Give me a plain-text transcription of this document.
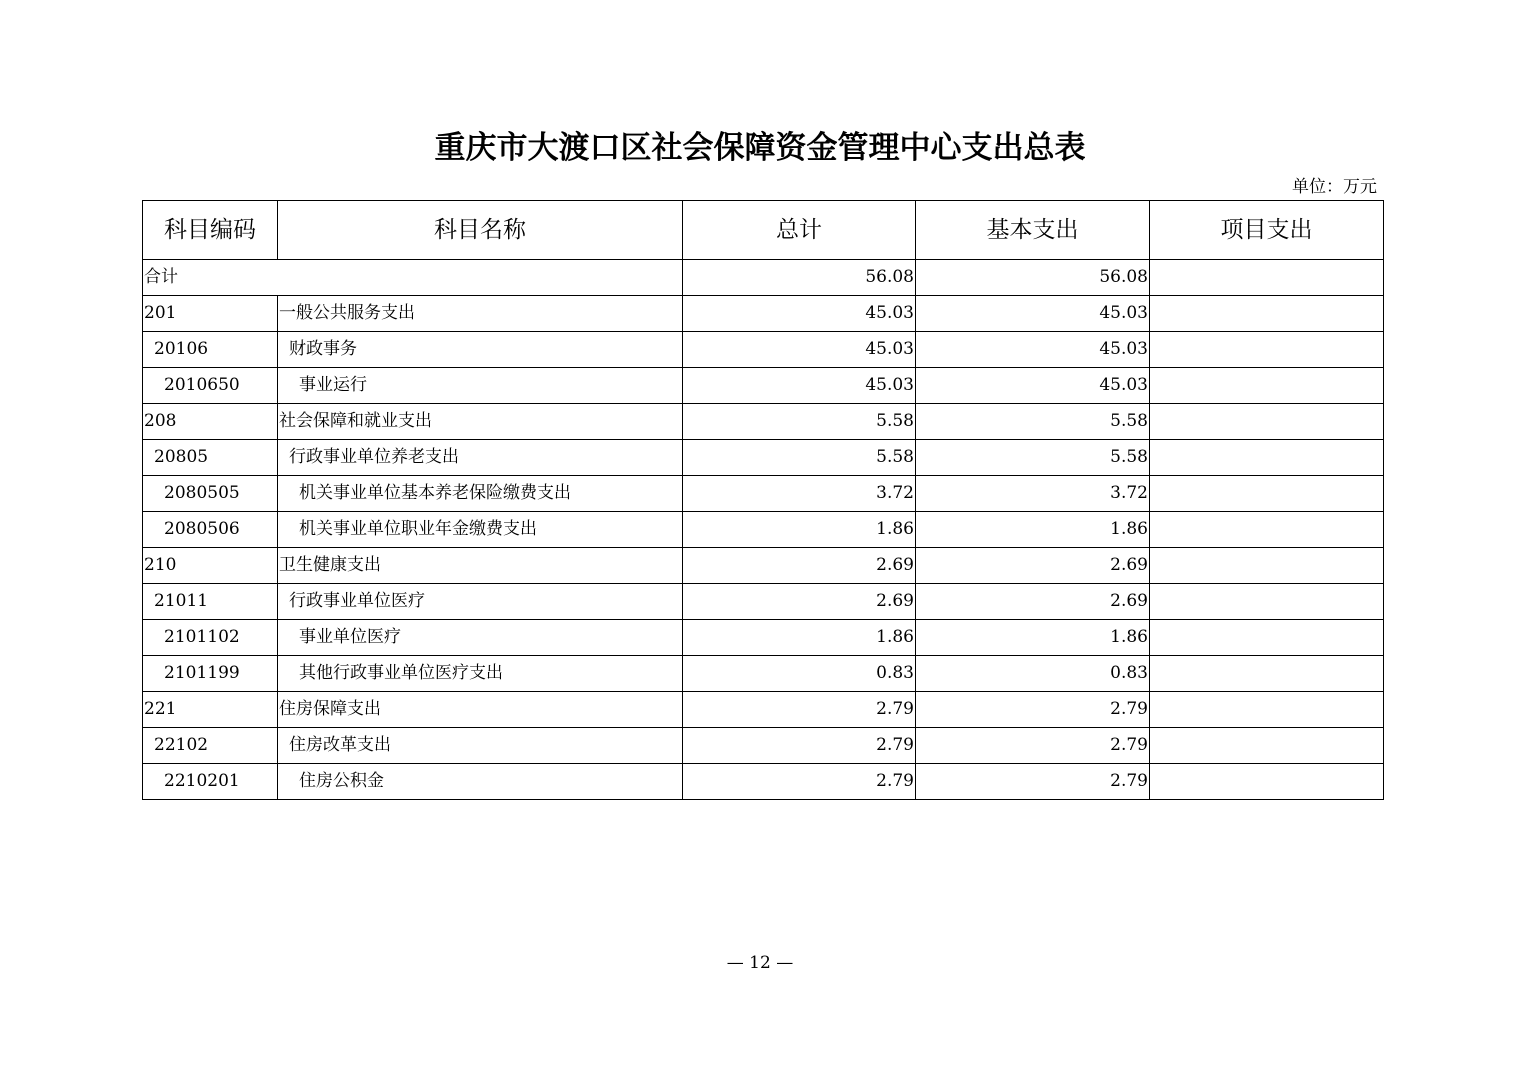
重庆市大渡口区社会保障资金管理中心支出总表
单位：万元
科目编码	科目名称	总计	基本支出	项目支出
合计		56.08	56.08	
201	一般公共服务支出	45.03	45.03	
20106	财政事务	45.03	45.03	
2010650	事业运行	45.03	45.03	
208	社会保障和就业支出	5.58	5.58	
20805	行政事业单位养老支出	5.58	5.58	
2080505	机关事业单位基本养老保险缴费支出	3.72	3.72	
2080506	机关事业单位职业年金缴费支出	1.86	1.86	
210	卫生健康支出	2.69	2.69	
21011	行政事业单位医疗	2.69	2.69	
2101102	事业单位医疗	1.86	1.86	
2101199	其他行政事业单位医疗支出	0.83	0.83	
221	住房保障支出	2.79	2.79	
22102	住房改革支出	2.79	2.79	
2210201	住房公积金	2.79	2.79	
— 12 —
